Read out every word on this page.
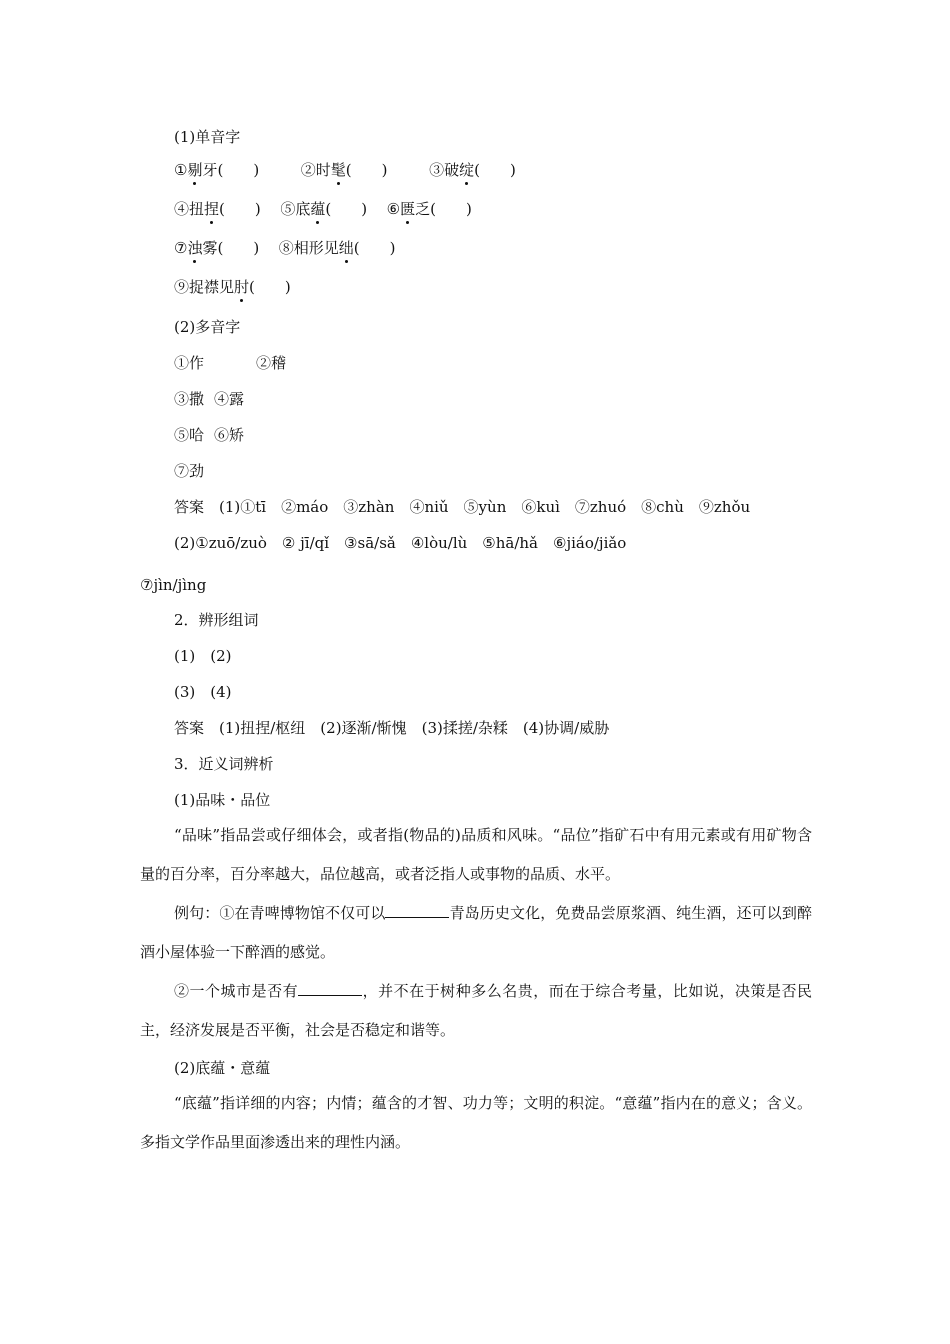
(1)单音字
①剔牙(　　)	②时髦(　　)	③破绽(　　)
④扭捏(　　) ⑤底蕴(　　) ⑥匮乏(　　)
⑦浊雾(　　) ⑧相形见绌(　　)
⑨捉襟见肘(　　)
(2)多音字
①作	②稽
③撒 ④露
⑤哈 ⑥矫
⑦劲
答案　(1)①tī　②máo　③zhàn　④niǔ　⑤yùn　⑥kuì　⑦zhuó　⑧chù　⑨zhǒu
(2)①zuō/zuò　② jī/qǐ　③sā/sǎ　④lòu/lù　⑤hā/hǎ　⑥jiáo/jiǎo
⑦jìn/jìng
2．辨形组词
(1)　(2)
(3)　(4)
答案　(1)扭捏/枢纽　(2)逐渐/惭愧　(3)揉搓/杂糅　(4)协调/威胁
3．近义词辨析
(1)品味・品位
“品味”指品尝或仔细体会，或者指(物品的)品质和风味。“品位”指矿石中有用元素或有用矿物含量的百分率，百分率越大，品位越高，或者泛指人或事物的品质、水平。
例句：①在青啤博物馆不仅可以	青岛历史文化，免费品尝原浆酒、纯生酒，还可以到醉酒小屋体验一下醉酒的感觉。
②一个城市是否有	，并不在于树种多么名贵，而在于综合考量，比如说，决策是否民主，经济发展是否平衡，社会是否稳定和谐等。
(2)底蕴・意蕴
“底蕴”指详细的内容；内情；蕴含的才智、功力等；文明的积淀。“意蕴”指内在的意义；含义。多指文学作品里面渗透出来的理性内涵。
